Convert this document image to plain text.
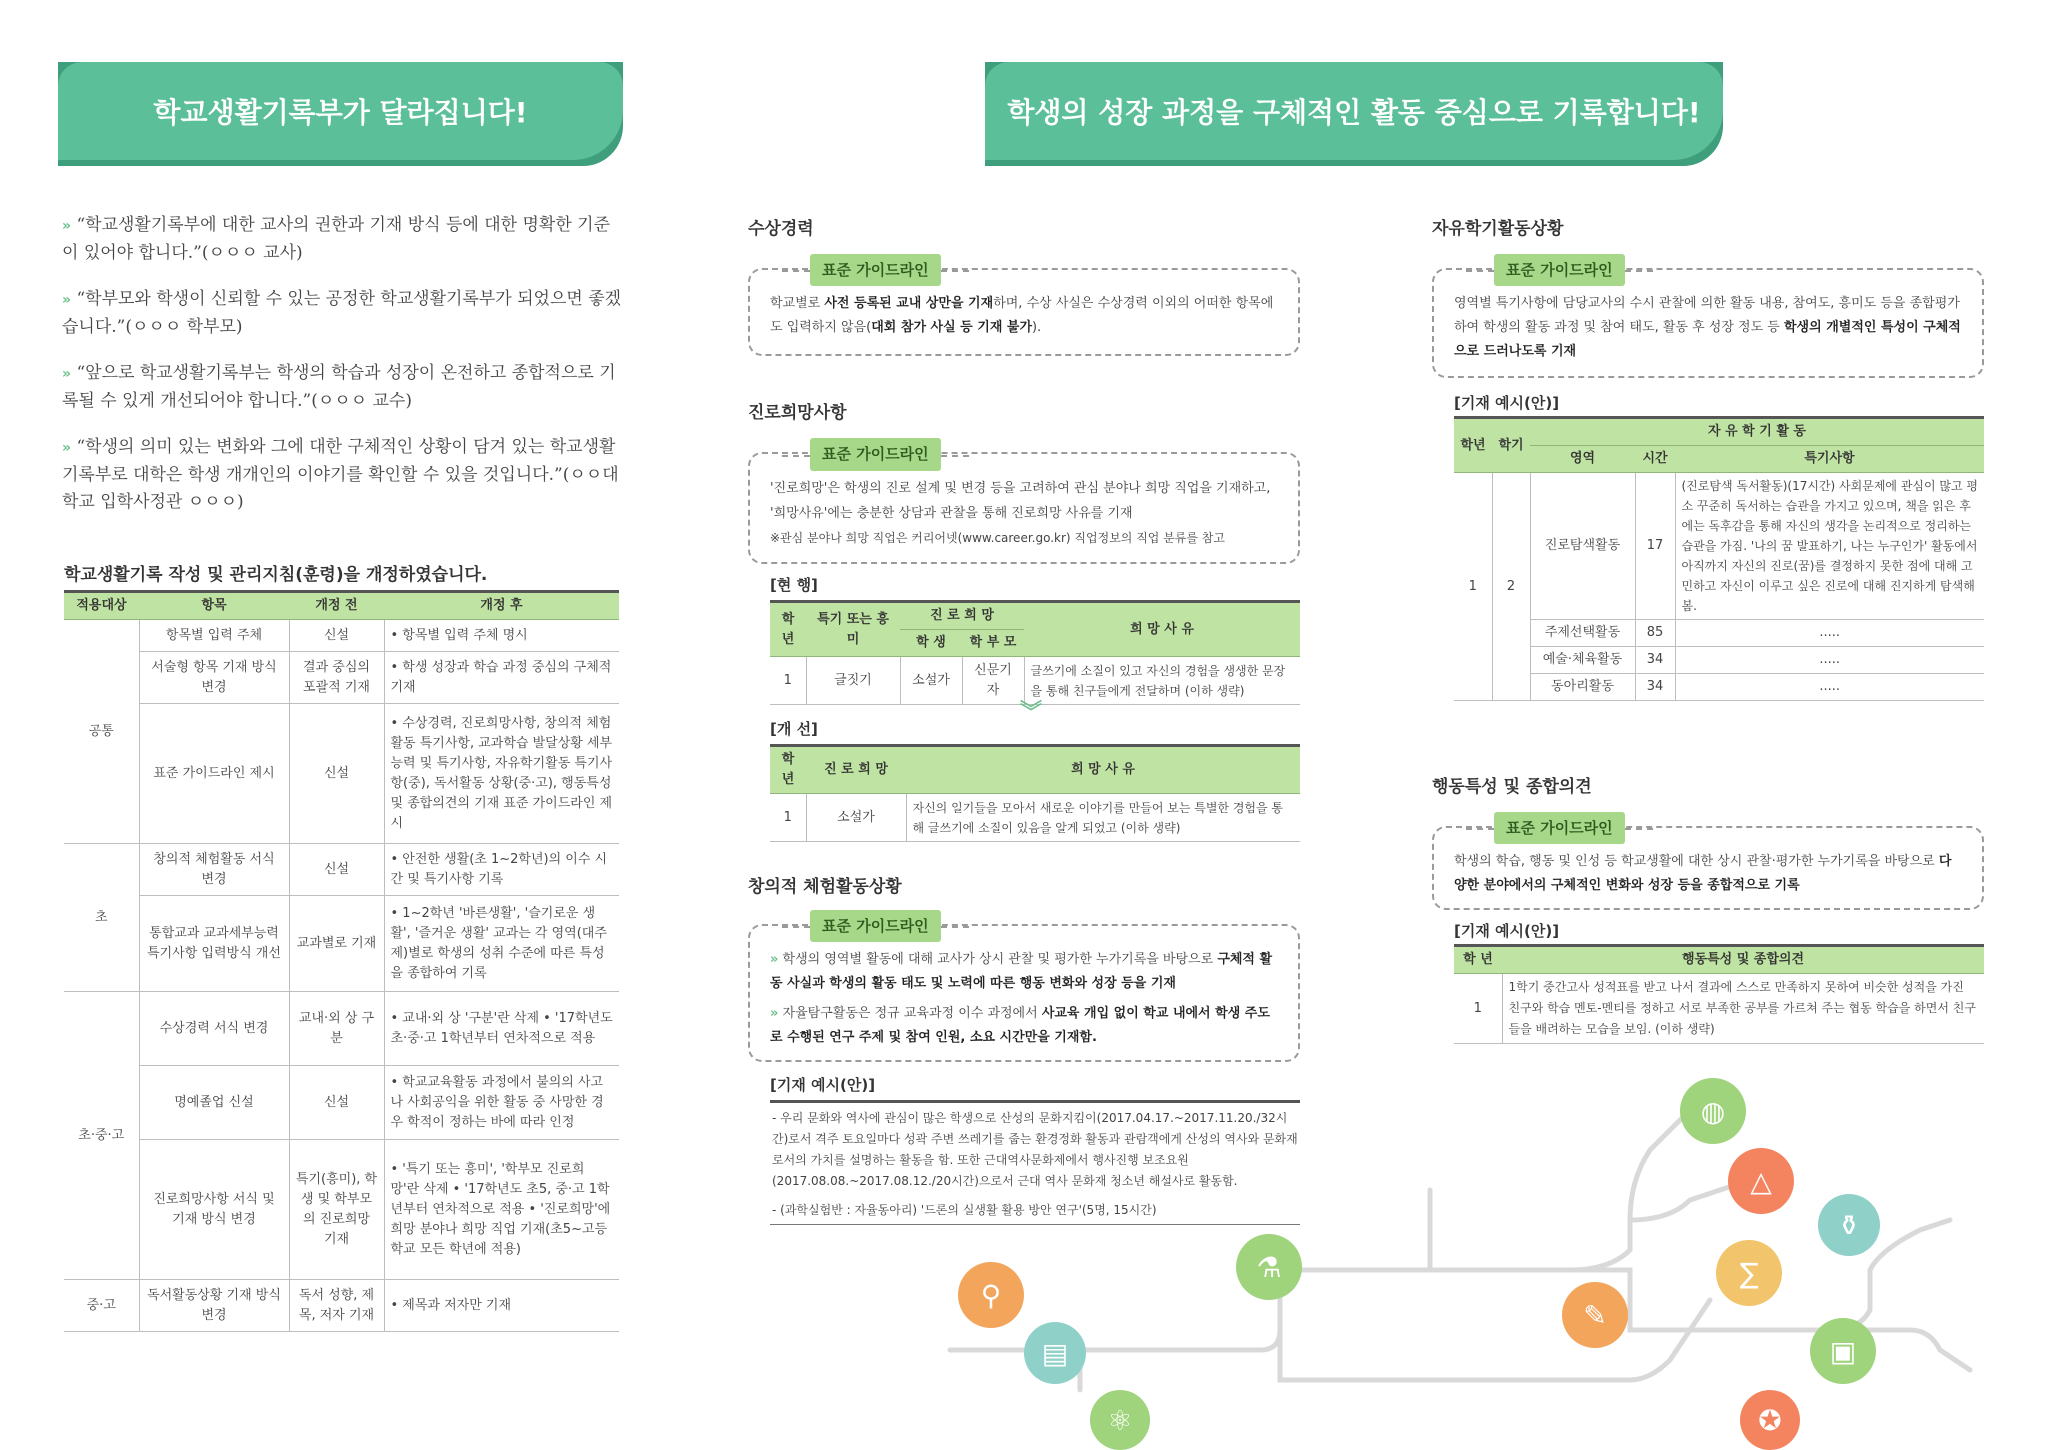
학교생활기록부가 달라집니다!
» “학교생활기록부에 대한 교사의 권한과 기재 방식 등에 대한 명확한 기준이 있어야 합니다.”(ㅇㅇㅇ 교사)
» “학부모와 학생이 신뢰할 수 있는 공정한 학교생활기록부가 되었으면 좋겠습니다.”(ㅇㅇㅇ 학부모)
» “앞으로 학교생활기록부는 학생의 학습과 성장이 온전하고 종합적으로 기록될 수 있게 개선되어야 합니다.”(ㅇㅇㅇ 교수)
» “학생의 의미 있는 변화와 그에 대한 구체적인 상황이 담겨 있는 학교생활기록부로 대학은 학생 개개인의 이야기를 확인할 수 있을 것입니다.”(ㅇㅇ대학교 입학사정관 ㅇㅇㅇ)
학교생활기록 작성 및 관리지침(훈령)을 개정하였습니다.
적용대상	항목	개정 전	개정 후
공통	항목별 입력 주체	신설	• 항목별 입력 주체 명시
	서술형 항목 기재 방식 변경	결과 중심의 포괄적 기재	• 학생 성장과 학습 과정 중심의 구체적 기재
	표준 가이드라인 제시	신설	• 수상경력, 진로희망사항, 창의적 체험활동 특기사항, 교과학습 발달상황 세부능력 및 특기사항, 자유학기활동 특기사항(중), 독서활동 상황(중·고), 행동특성 및 종합의견의 기재 표준 가이드라인 제시
초	창의적 체험활동 서식 변경	신설	• 안전한 생활(초 1~2학년)의 이수 시간 및 특기사항 기록
	통합교과 교과세부능력 특기사항 입력방식 개선	교과별로 기재	• 1~2학년 '바른생활', '슬기로운 생활', '즐거운 생활' 교과는 각 영역(대주제)별로 학생의 성취 수준에 따른 특성을 종합하여 기록
초·중·고	수상경력 서식 변경	교내·외 상 구분	• 교내·외 상 '구분'란 삭제 • '17학년도 초·중·고 1학년부터 연차적으로 적용
	명예졸업 신설	신설	• 학교교육활동 과정에서 불의의 사고나 사회공익을 위한 활동 중 사망한 경우 학적이 정하는 바에 따라 인정
	진로희망사항 서식 및 기재 방식 변경	특기(흥미), 학생 및 학부모의 진로희망 기재	• '특기 또는 흥미', '학부모 진로희망'란 삭제 • '17학년도 초5, 중·고 1학년부터 연차적으로 적용 • '진로희망'에 희망 분야나 희망 직업 기재(초5~고등학교 모든 학년에 적용)
중·고	독서활동상황 기재 방식 변경	독서 성향, 제목, 저자 기재	• 제목과 저자만 기재
학생의 성장 과정을 구체적인 활동 중심으로 기록합니다!
수상경력
표준 가이드라인
학교별로 사전 등록된 교내 상만을 기재하며, 수상 사실은 수상경력 이외의 어떠한 항목에도 입력하지 않음(대회 참가 사실 등 기재 불가).
진로희망사항
표준 가이드라인
'진로희망'은 학생의 진로 설계 및 변경 등을 고려하여 관심 분야나 희망 직업을 기재하고, '희망사유'에는 충분한 상담과 관찰을 통해 진로희망 사유를 기재
※관심 분야나 희망 직업은 커리어넷(www.career.go.kr) 직업정보의 직업 분류를 참고
[현 행]
학년	특기 또는 흥미	진 로 희 망		희 망 사 유
		학 생	학 부 모	
1	글짓기	소설가	신문기자	글쓰기에 소질이 있고 자신의 경험을 생생한 문장을 통해 친구들에게 전달하며 (이하 생략)
︾
[개 선]
학년	진 로 희 망	희 망 사 유
1	소설가	자신의 일기들을 모아서 새로운 이야기를 만들어 보는 특별한 경험을 통해 글쓰기에 소질이 있음을 알게 되었고 (이하 생략)
창의적 체험활동상황
표준 가이드라인
» 학생의 영역별 활동에 대해 교사가 상시 관찰 및 평가한 누가기록을 바탕으로 구체적 활동 사실과 학생의 활동 태도 및 노력에 따른 행동 변화와 성장 등을 기재
» 자율탐구활동은 정규 교육과정 이수 과정에서 사교육 개입 없이 학교 내에서 학생 주도로 수행된 연구 주제 및 참여 인원, 소요 시간만을 기재함.
[기재 예시(안)]
- 우리 문화와 역사에 관심이 많은 학생으로 산성의 문화지킴이(2017.04.17.~2017.11.20./32시간)로서 격주 토요일마다 성곽 주변 쓰레기를 줍는 환경정화 활동과 관람객에게 산성의 역사와 문화재로서의 가치를 설명하는 활동을 함. 또한 근대역사문화제에서 행사진행 보조요원(2017.08.08.~2017.08.12./20시간)으로서 근대 역사 문화재 청소년 해설사로 활동함.
- (과학실험반 : 자율동아리) '드론의 실생활 활용 방안 연구'(5명, 15시간)
자유학기활동상황
표준 가이드라인
영역별 특기사항에 담당교사의 수시 관찰에 의한 활동 내용, 참여도, 흥미도 등을 종합평가하여 학생의 활동 과정 및 참여 태도, 활동 후 성장 정도 등 학생의 개별적인 특성이 구체적으로 드러나도록 기재
[기재 예시(안)]
학년	학기	자 유 학 기 활 동		
		영역	시간	특기사항
1	2	진로탐색활동	17	(진로탐색 독서활동)(17시간) 사회문제에 관심이 많고 평소 꾸준히 독서하는 습관을 가지고 있으며, 책을 읽은 후에는 독후감을 통해 자신의 생각을 논리적으로 정리하는 습관을 가짐. '나의 꿈 발표하기, 나는 누구인가' 활동에서 아직까지 자신의 진로(꿈)를 결정하지 못한 점에 대해 고민하고 자신이 이루고 싶은 진로에 대해 진지하게 탐색해 봄.
		주제선택활동	85	.....
		예술·체육활동	34	.....
		동아리활동	34	.....
행동특성 및 종합의견
표준 가이드라인
학생의 학습, 행동 및 인성 등 학교생활에 대한 상시 관찰·평가한 누가기록을 바탕으로 다양한 분야에서의 구체적인 변화와 성장 등을 종합적으로 기록
[기재 예시(안)]
학 년	행동특성 및 종합의견
1	1학기 중간고사 성적표를 받고 나서 결과에 스스로 만족하지 못하여 비슷한 성적을 가진 친구와 학습 멘토-멘티를 정하고 서로 부족한 공부를 가르쳐 주는 협동 학습을 하면서 친구들을 배려하는 모습을 보임. (이하 생략)
⚲
▤
⚗
✎
◍
△
⚱
∑
▣
⚛	✪
